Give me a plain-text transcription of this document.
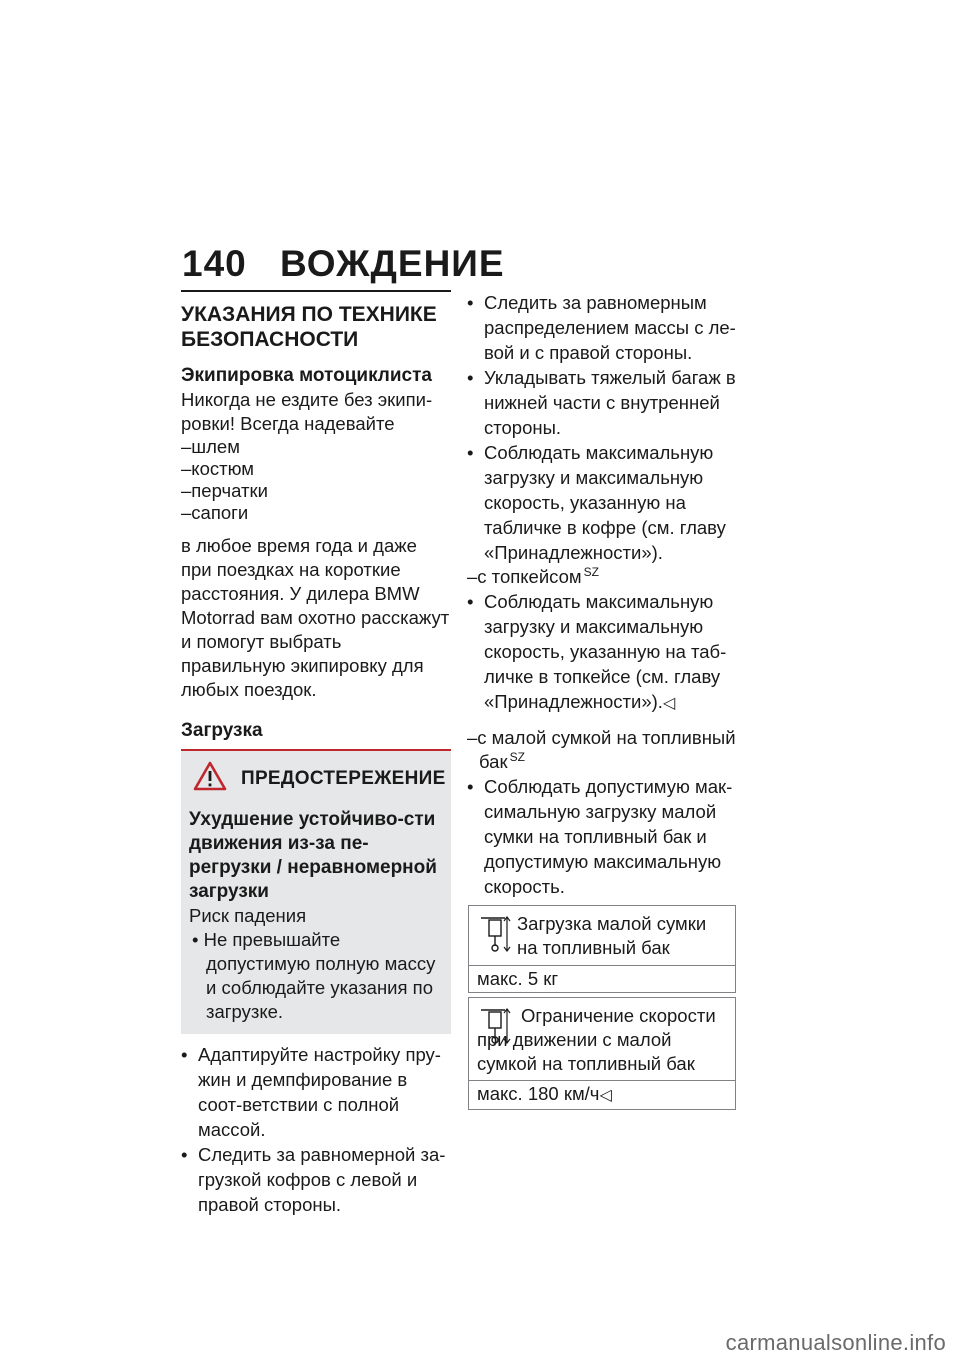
140 ВОЖДЕНИЕ
УКАЗАНИЯ ПО ТЕХНИКЕ БЕЗОПАСНОСТИ
Экипировка мотоциклиста
Никогда не ездите без экипи-ровки! Всегда надевайте
–шлем
–костюм
–перчатки
–сапоги
в любое время года и даже при поездках на короткие расстояния. У дилера BMW Motorrad вам охотно расскажут и помогут выбрать правильную экипировку для любых поездок.
Загрузка
ПРЕДОСТЕРЕЖЕНИЕ
Ухудшение устойчиво-сти движения из-за пе-регрузки / неравномерной загрузки
Риск падения
• Не превышайте допустимую полную массу и соблюдайте указания по загрузке.
• Адаптируйте настройку пру-жин и демпфирование в соот-ветствии с полной массой.
• Следить за равномерной за-грузкой кофров с левой и правой стороны.
• Следить за равномерным распределением массы с ле-вой и с правой стороны.
• Укладывать тяжелый багаж в нижней части с внутренней стороны.
• Соблюдать максимальную загрузку и максимальную скорость, указанную на табличке в кофре (см. главу «Принадлежности»).
–с топкейсом $^{SZ}$
• Соблюдать максимальную загрузку и максимальную скорость, указанную на таб-личке в топкейсе (см. главу «Принадлежности»).◁
–с малой сумкой на топливный бак $^{SZ}$
• Соблюдать допустимую мак-симальную загрузку малой сумки на топливный бак и допустимую максимальную скорость.
Загрузка малой сумки на топливный бак
макс. 5 кг
Ограничение скорости при движении с малой сумкой на топливный бак
макс. 180 км/ч◁
carmanualsonline.info
